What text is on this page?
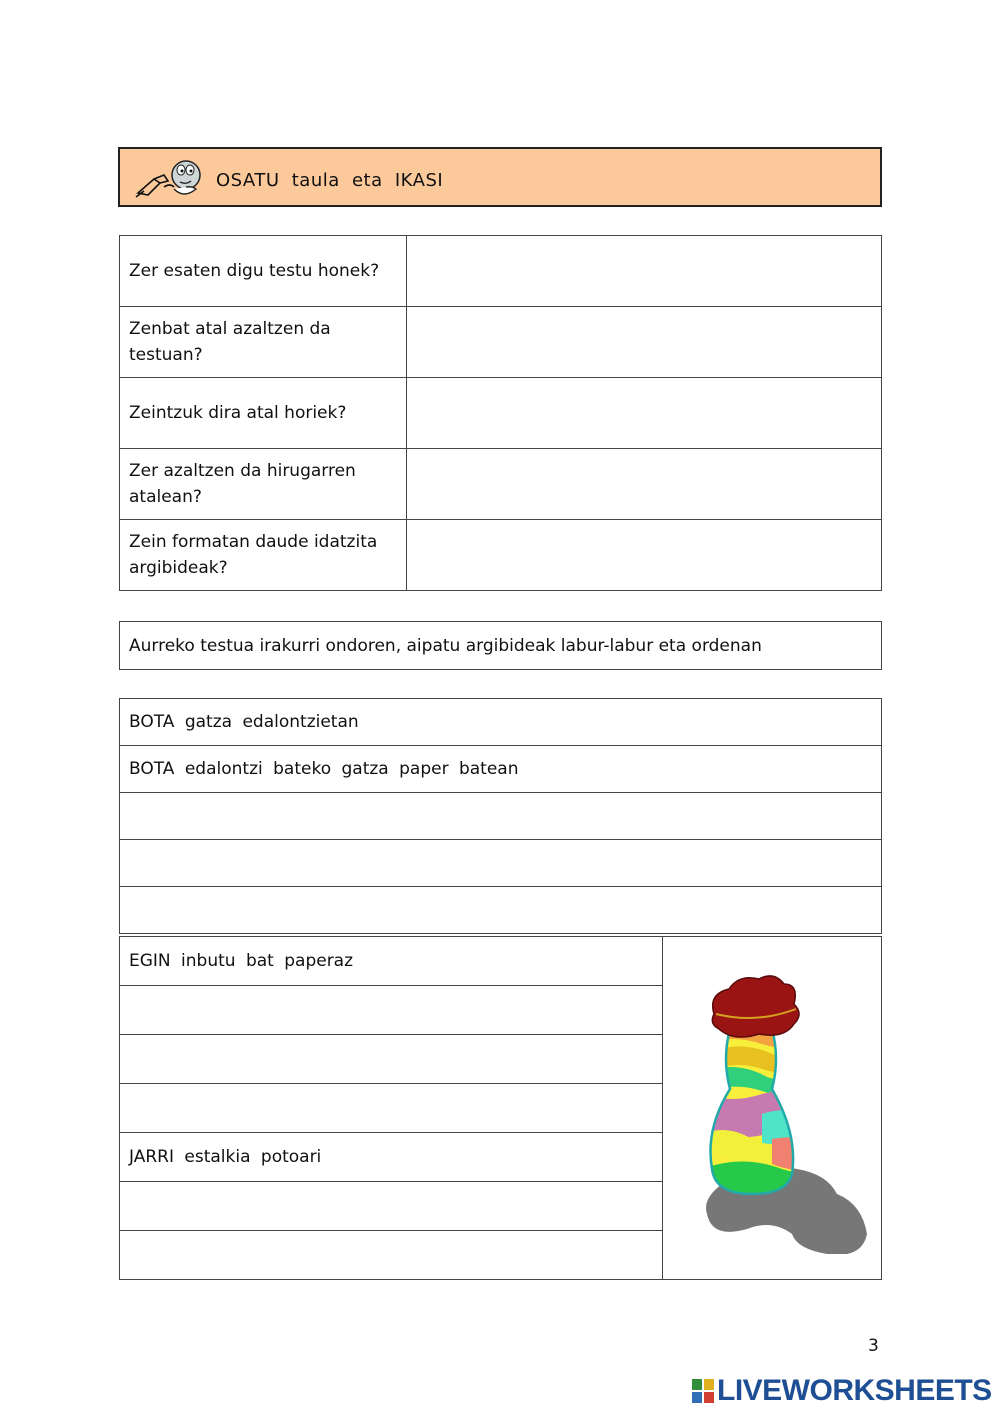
OSATU taula eta IKASI
Zer esaten digu testu honek?	
Zenbat atal azaltzen da testuan?	
Zeintzuk dira atal horiek?	
Zer azaltzen da hirugarren atalean?	
Zein formatan daude idatzita argibideak?	
Aurreko testua irakurri ondoren, aipatu argibideak labur-labur eta ordenan
BOTA gatza edalontzietan
BOTA edalontzi bateko gatza paper batean

EGIN inbutu bat paperaz	

JARRI estalkia potoari

3
LIVEWORKSHEETS
